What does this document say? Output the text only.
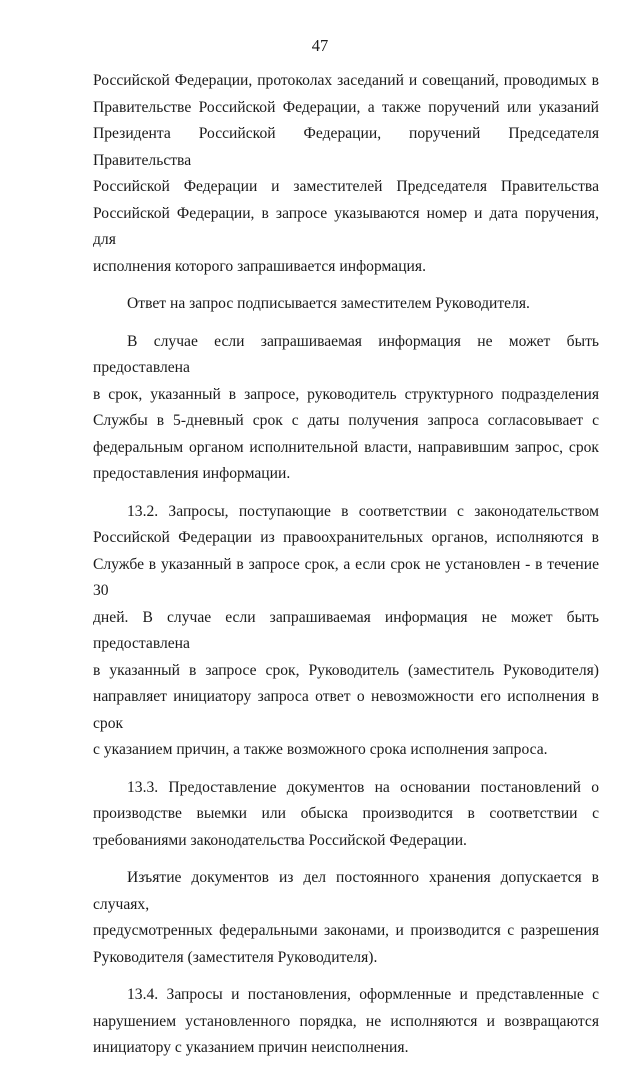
47
Российской Федерации, протоколах заседаний и совещаний, проводимых в
Правительстве Российской Федерации, а также поручений или указаний
Президента Российской Федерации, поручений Председателя Правительства
Российской Федерации и заместителей Председателя Правительства
Российской Федерации, в запросе указываются номер и дата поручения, для
исполнения которого запрашивается информация.
Ответ на запрос подписывается заместителем Руководителя.
В случае если запрашиваемая информация не может быть предоставлена
в срок, указанный в запросе, руководитель структурного подразделения
Службы в 5-дневный срок с даты получения запроса согласовывает с
федеральным органом исполнительной власти, направившим запрос, срок
предоставления информации.
13.2. Запросы, поступающие в соответствии с законодательством
Российской Федерации из правоохранительных органов, исполняются в
Службе в указанный в запросе срок, а если срок не установлен - в течение 30
дней. В случае если запрашиваемая информация не может быть предоставлена
в указанный в запросе срок, Руководитель (заместитель Руководителя)
направляет инициатору запроса ответ о невозможности его исполнения в срок
с указанием причин, а также возможного срока исполнения запроса.
13.3. Предоставление документов на основании постановлений о
производстве выемки или обыска производится в соответствии с
требованиями законодательства Российской Федерации.
Изъятие документов из дел постоянного хранения допускается в случаях,
предусмотренных федеральными законами, и производится с разрешения
Руководителя (заместителя Руководителя).
13.4. Запросы и постановления, оформленные и представленные с
нарушением установленного порядка, не исполняются и возвращаются
инициатору с указанием причин неисполнения.
